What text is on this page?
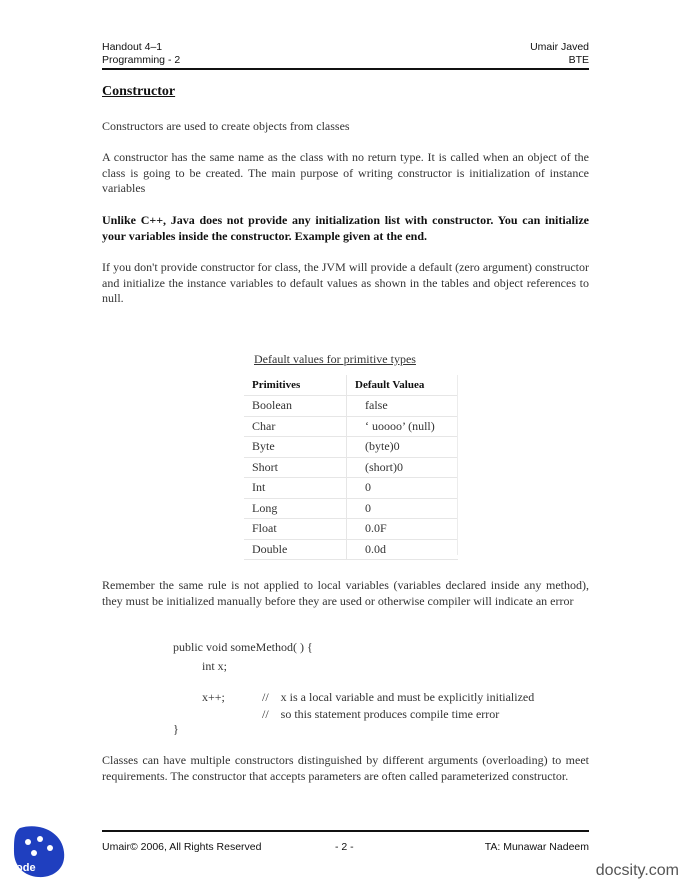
Handout 4–1
Programming - 2
Umair Javed
BTE
Constructor
Constructors are used to create objects from classes
A constructor has the same name as the class with no return type. It is called when an object of the class is going to be created. The main purpose of writing constructor is initialization of instance variables
Unlike C++, Java does not provide any initialization list with constructor. You can initialize your variables inside the constructor. Example given at the end.
If you don't provide constructor for class, the JVM will provide a default (zero argument) constructor and initialize the instance variables to default values as shown in the tables and object references to null.
Default values for primitive types
Primitives	Default Valuea
Boolean	false
Char	‘ uoooo’ (null)
Byte	(byte)0
Short	(short)0
Int	0
Long	0
Float	0.0F
Double	0.0d
Remember the same rule is not applied to local variables (variables declared inside any method), they must be initialized manually before they are used or otherwise compiler will indicate an error
public void someMethod( ) {
int x;
x++;	//    x is a local variable and must be explicitly initialized
//    so this statement produces compile time error
}
Classes can have multiple constructors distinguished by different arguments (overloading) to meet requirements. The constructor that accepts parameters are often called parameterized constructor.
Umair© 2006, All Rights Reserved	- 2 -	TA: Munawar Nadeem
ode	docsity.com
